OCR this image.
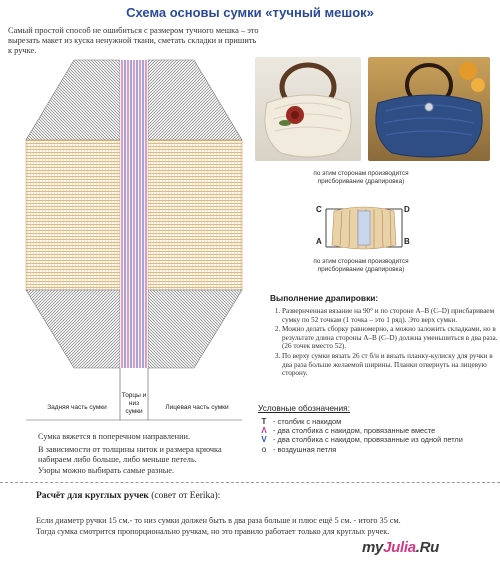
Схема основы сумки «тучный мешок»
Самый простой способ не ошибиться с размером тучного мешка – это вырезать макет из куска ненужной ткани, сметать складки и пришить к ручке.
Задняя часть сумки
Торцы и низ сумки
Лицевая часть сумки
Сумка вяжется в поперечном направлении.
В зависимости от толщины ниток и размера крючка набираем либо больше, либо меньше петель.
Узоры можно выбирать самые разные.
по этим сторонам производится присборивание (драпировка)
C	D
A	B
по этим сторонам производится присборивание (драпировка)
Выполнение драпировки:
1. Развернченная вязание на 90° и по стороне А–В (С–D) присбариваем сумку по 52 точкам (1 точка – это 1 ряд). Это верх сумки.
2. Можно делать сборку равномерно, а можно заложить складками, но в результате длина стороны А–В (С–D) должна уменьшиться в два раза. (26 точек вместо 52).
3. По верху сумки вязать 26 ст б/н и вязать планку-кулиску для ручки в два раза больше желаемой ширины. Планки отвернуть на лицевую сторону.
Условные обозначения:
Т - столбик с накидом
Λ - два столбика с накидом, провязанные вместе
V - два столбика с накидом, провязанные из одной петли
o - воздушная петля
Расчёт для круглых ручек (совет от Eerika):
Если диаметр ручки 15 см.- то низ сумки должен быть в два раза больше и плюс ещё 5 см. - итого 35 см.
Тогда сумка смотрится пропорционально ручкам, но это правило работает только для круглых ручек.
myJulia.Ru
